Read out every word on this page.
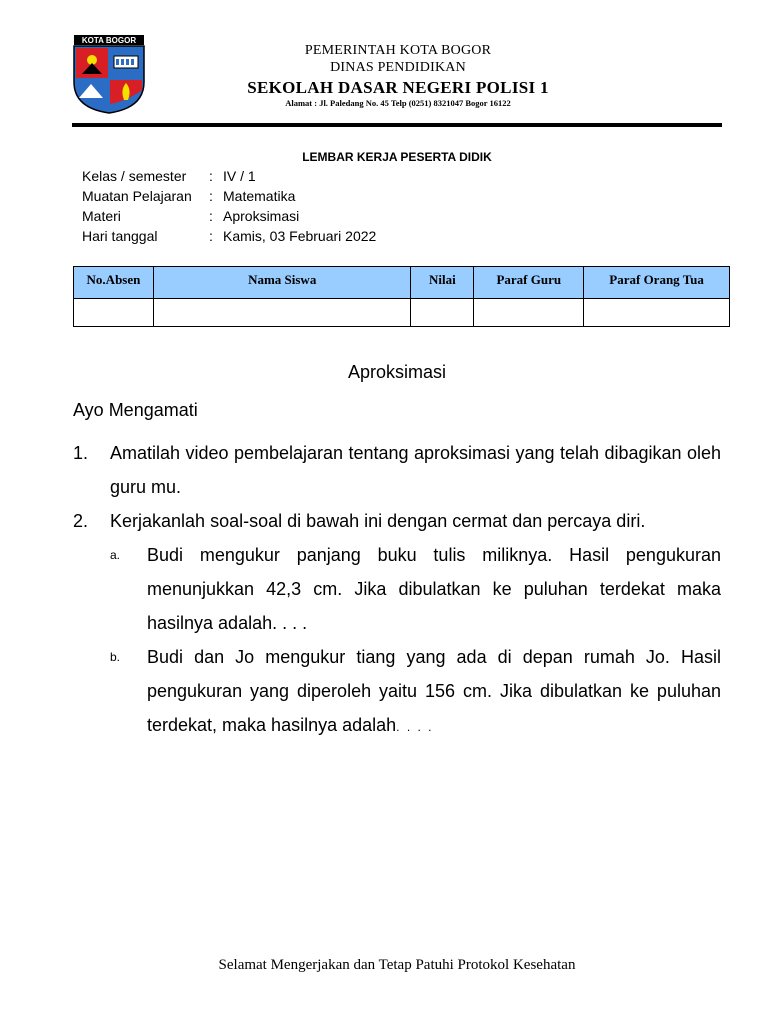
KOTA BOGOR
PEMERINTAH KOTA BOGOR
DINAS PENDIDIKAN
SEKOLAH DASAR NEGERI POLISI 1
Alamat : Jl. Paledang No. 45 Telp (0251) 8321047 Bogor 16122
LEMBAR KERJA PESERTA DIDIK
Kelas / semester : IV / 1
Muatan Pelajaran : Matematika
Materi	: Aproksimasi
Hari tanggal	: Kamis, 03 Februari 2022
No.Absen	Nama Siswa	Nilai	Paraf Guru	Paraf Orang Tua

Aproksimasi
Ayo Mengamati
1. Amatilah video pembelajaran tentang aproksimasi yang telah dibagikan oleh guru mu.
2. Kerjakanlah soal-soal di bawah ini dengan cermat dan percaya diri.
a. Budi mengukur panjang buku tulis miliknya. Hasil pengukuran menunjukkan 42,3 cm. Jika dibulatkan ke puluhan terdekat maka hasilnya adalah. . . .
b. Budi dan Jo mengukur tiang yang ada di depan rumah Jo. Hasil pengukuran yang diperoleh yaitu 156 cm. Jika dibulatkan ke puluhan terdekat, maka hasilnya adalah. . . .
Selamat Mengerjakan dan Tetap Patuhi Protokol Kesehatan
